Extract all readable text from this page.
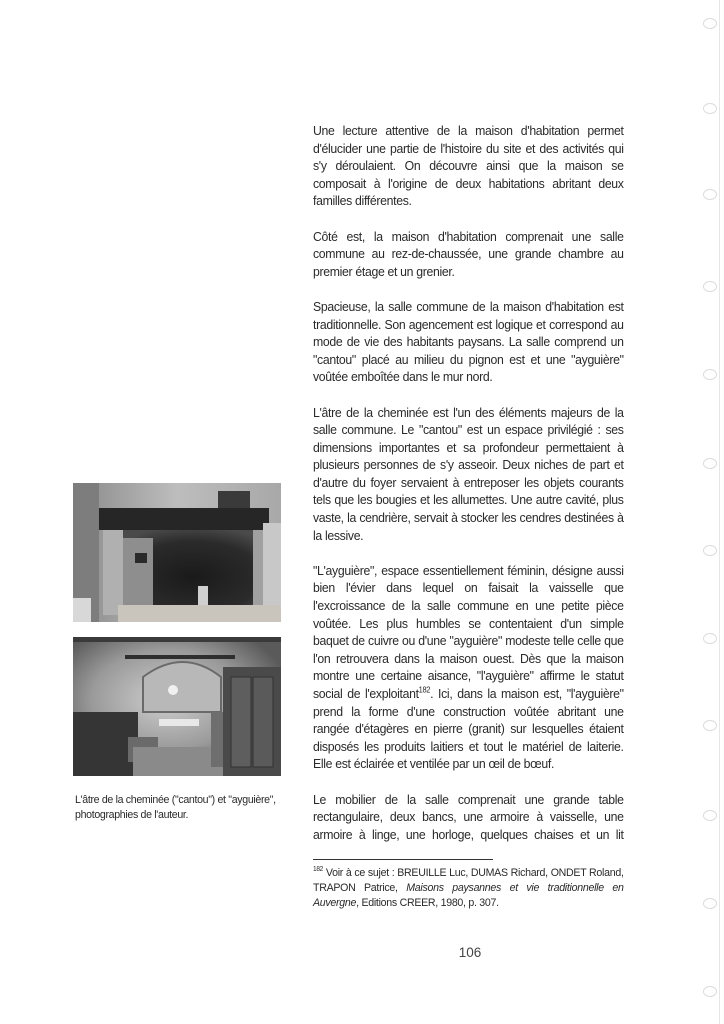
Une lecture attentive de la maison d'habitation permet d'élucider une partie de l'histoire du site et des activités qui s'y déroulaient. On découvre ainsi que la maison se composait à l'origine de deux habitations abritant deux familles différentes.

Côté est, la maison d'habitation comprenait une salle commune au rez-de-chaussée, une grande chambre au premier étage et un grenier.

Spacieuse, la salle commune de la maison d'habitation est traditionnelle. Son agencement est logique et correspond au mode de vie des habitants paysans. La salle comprend un "cantou" placé au milieu du pignon est et une "ayguière" voûtée emboîtée dans le mur nord.

L'âtre de la cheminée est l'un des éléments majeurs de la salle commune. Le "cantou" est un espace privilégié : ses dimensions importantes et sa profondeur permettaient à plusieurs personnes de s'y asseoir. Deux niches de part et d'autre du foyer servaient à entreposer les objets courants tels que les bougies et les allumettes. Une autre cavité, plus vaste, la cendrière, servait à stocker les cendres destinées à la lessive.

"L'ayguière", espace essentiellement féminin, désigne aussi bien l'évier dans lequel on faisait la vaisselle que l'excroissance de la salle commune en une petite pièce voûtée. Les plus humbles se contentaient d'un simple baquet de cuivre ou d'une "ayguière" modeste telle celle que l'on retrouvera dans la maison ouest. Dès que la maison montre une certaine aisance, "l'ayguière" affirme le statut social de l'exploitant$^{182}$. Ici, dans la maison est, "l'ayguière" prend la forme d'une construction voûtée abritant une rangée d'étagères en pierre (granit) sur lesquelles étaient disposés les produits laitiers et tout le matériel de laiterie. Elle est éclairée et ventilée par un œil de bœuf.

Le mobilier de la salle comprenait une grande table rectangulaire, deux bancs, une armoire à vaisselle, une armoire à linge, une horloge, quelques chaises et un lit

L'âtre de la cheminée ("cantou") et "ayguière",
photographies de l'auteur.
$^{182}$ Voir à ce sujet : BREUILLE Luc, DUMAS Richard, ONDET Roland, TRAPON Patrice, Maisons paysannes et vie traditionnelle en Auvergne, Editions CREER, 1980, p. 307.
106
